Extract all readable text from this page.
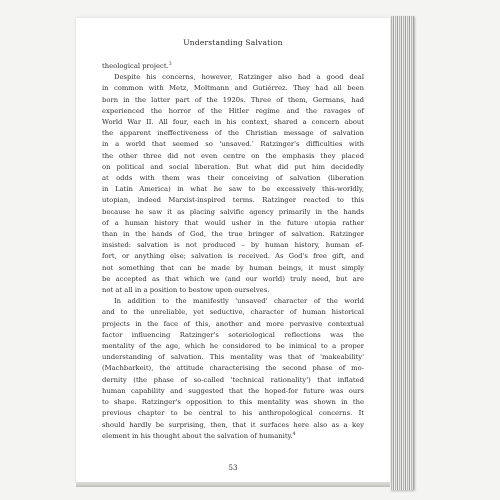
Understanding Salvation
theological project.$^3$
Despite his concerns, however, Ratzinger also had a good deal
in common with Metz, Moltmann and Gutiérrez. They had all been
born in the latter part of the 1920s. Three of them, Germans, had
experienced the horror of the Hitler regime and the ravages of
World War II. All four, each in his context, shared a concern about
the apparent ineffectiveness of the Christian message of salvation
in a world that seemed so 'unsaved.' Ratzinger's difficulties with
the other three did not even centre on the emphasis they placed
on political and social liberation. But what did put him decidedly
at odds with them was their conceiving of salvation (liberation
in Latin America) in what he saw to be excessively this-worldly,
utopian, indeed Marxist-inspired terms. Ratzinger reacted to this
because he saw it as placing salvific agency primarily in the hands
of a human history that would usher in the future utopia rather
than in the hands of God, the true bringer of salvation. Ratzinger
insisted: salvation is not produced – by human history, human ef-
fort, or anything else; salvation is received. As God's free gift, and
not something that can be made by human beings, it must simply
be accepted as that which we (and our world) truly need, but are
not at all in a position to bestow upon ourselves.
In addition to the manifestly 'unsaved' character of the world
and to the unreliable, yet seductive, character of human historical
projects in the face of this, another and more pervasive contextual
factor influencing Ratzinger's soteriological reflections was the
mentality of the age, which he considered to be inimical to a proper
understanding of salvation. This mentality was that of 'makeability'
(Machbarkeit), the attitude characterising the second phase of mo-
dernity (the phase of so-called 'technical rationality') that inflated
human capability and suggested that the hoped-for future was ours
to shape. Ratzinger's opposition to this mentality was shown in the
previous chapter to be central to his anthropological concerns. It
should hardly be surprising, then, that it surfaces here also as a key
element in his thought about the salvation of humanity.$^4$
53
